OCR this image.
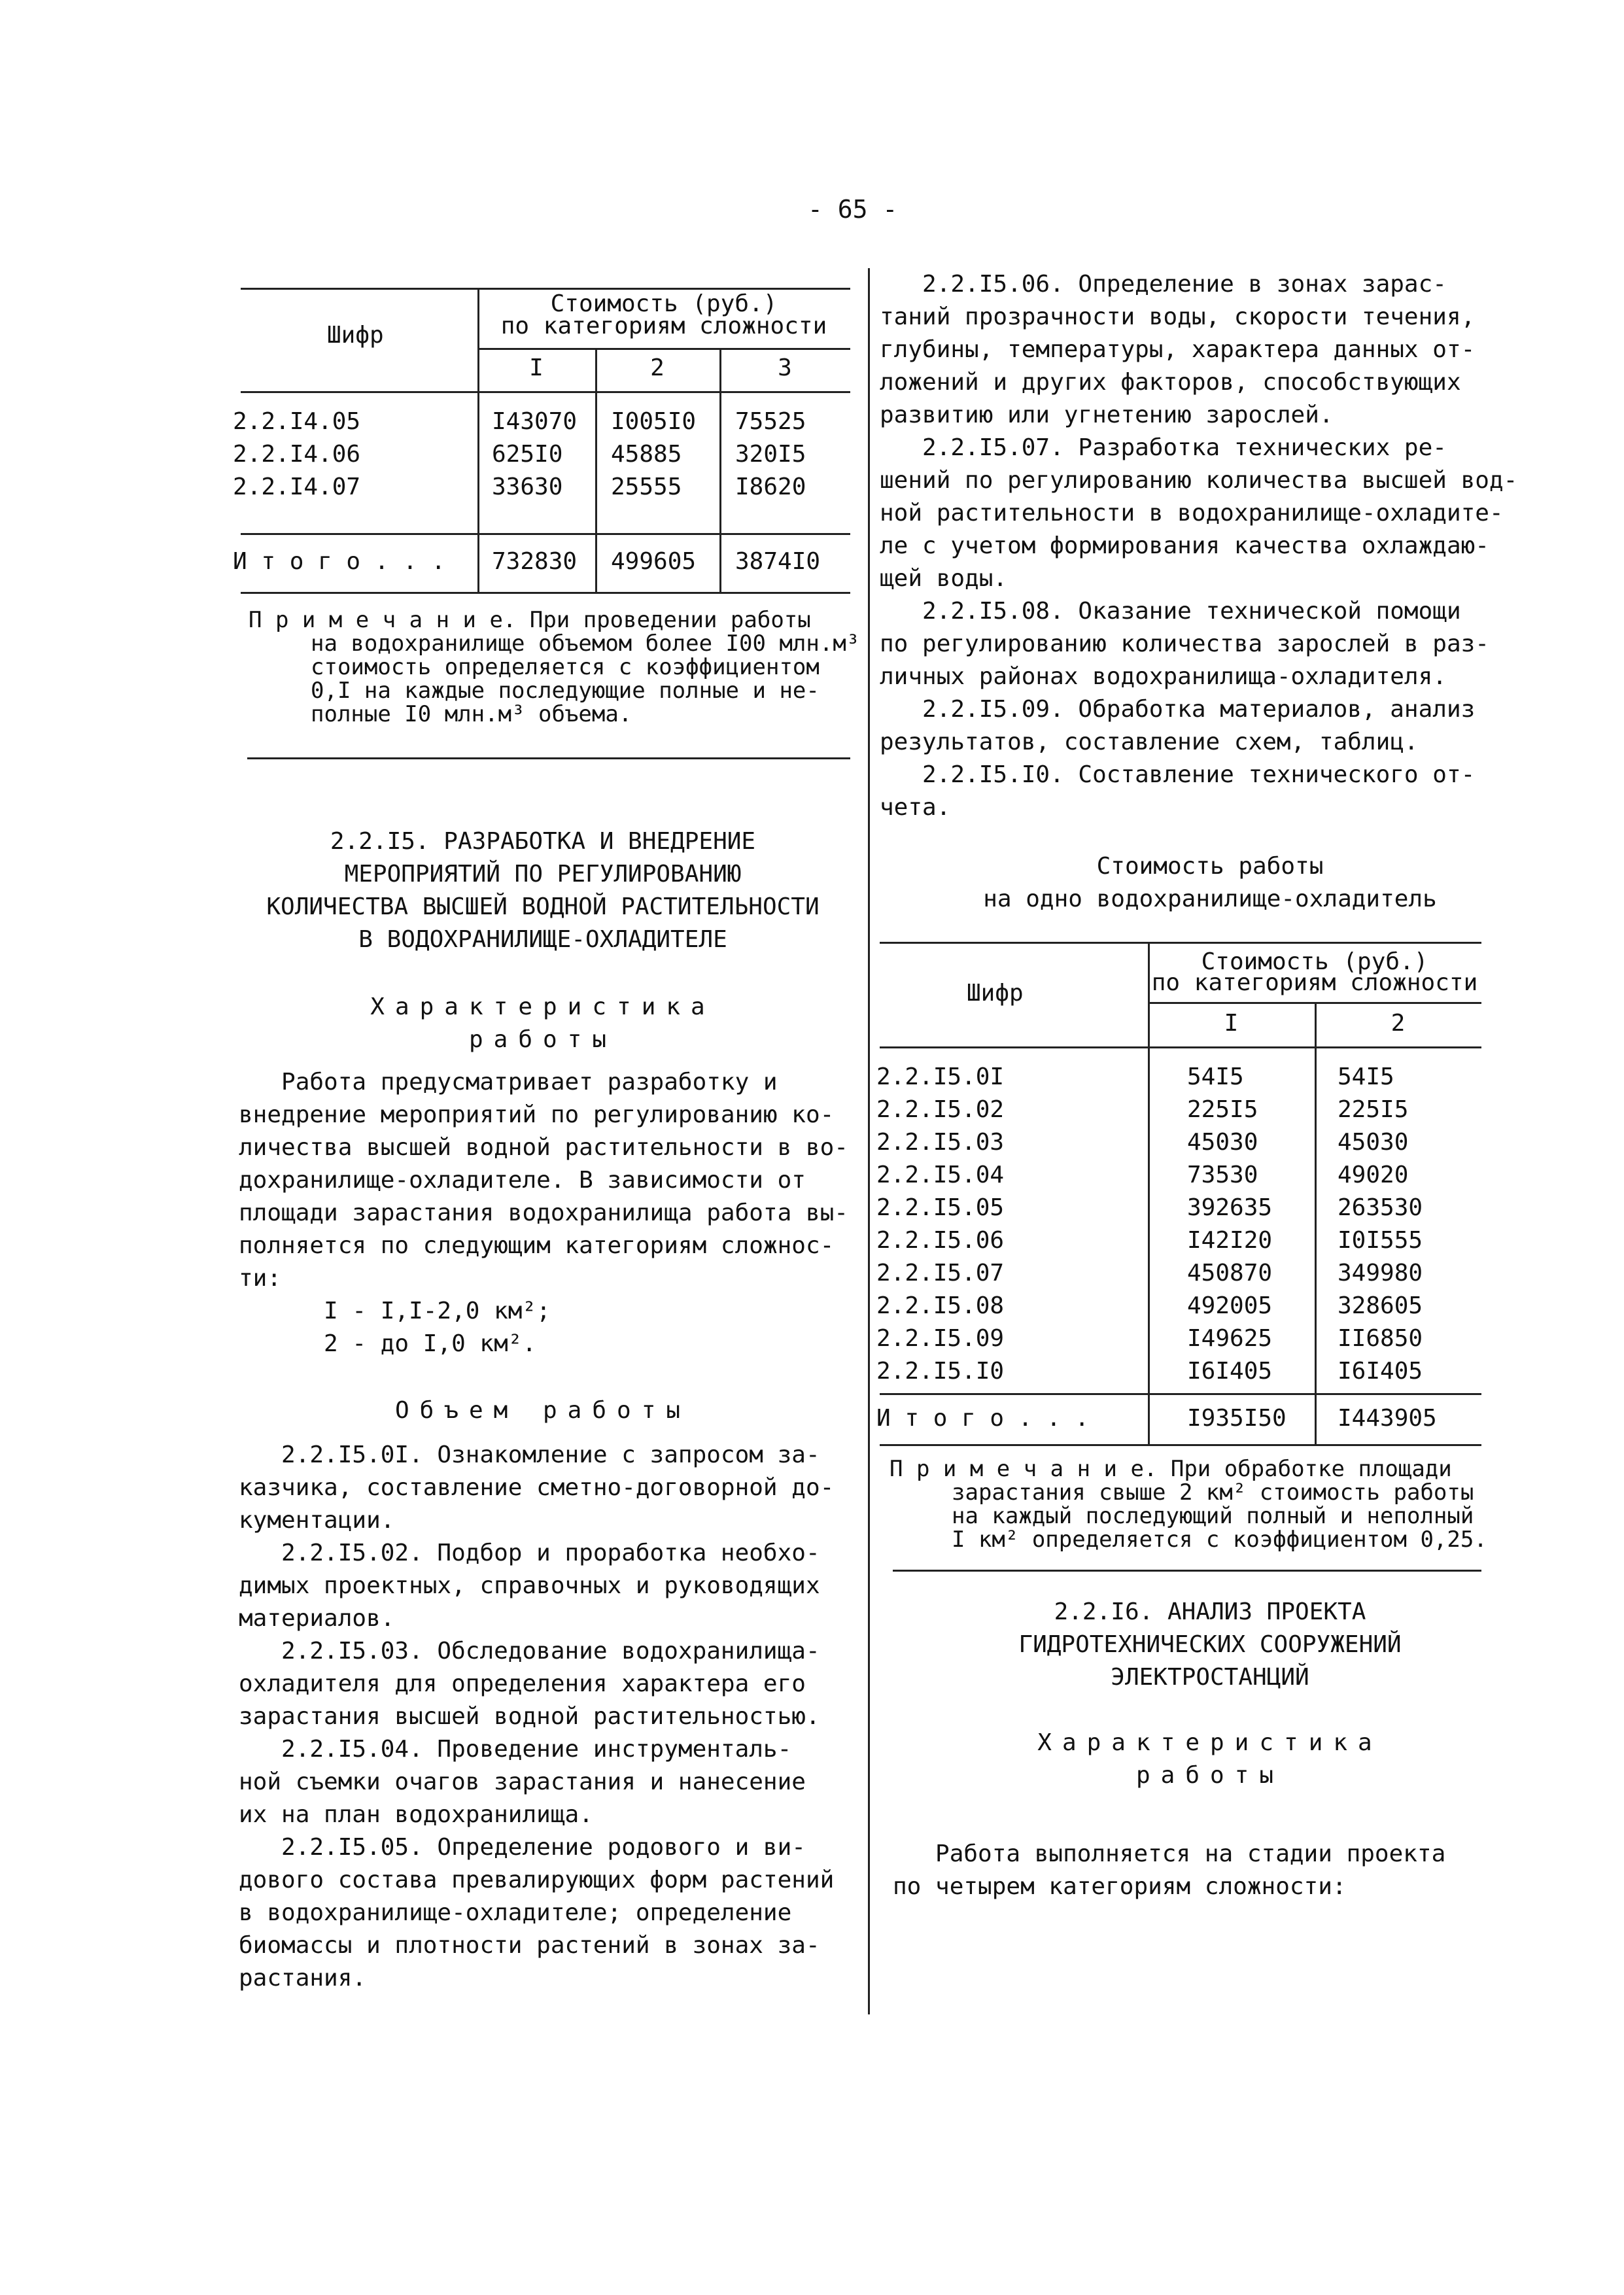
- 65 -
Шифр
Стоимость (руб.)
по категориям сложности
I	2	3
2.2.I4.05	I43070 I005I0 75525
2.2.I4.06	625I0 45885 320I5
2.2.I4.07	33630 25555 I8620
И т о г о . . . 732830 499605 3874I0
П р и м е ч а н и е. При проведении работы
на водохранилище объемом более I00 млн.м³
стоимость определяется с коэффициентом
0,I на каждые последующие полные и не-
полные I0 млн.м³ объема.
2.2.I5. РАЗРАБОТКА И ВНЕДРЕНИЕ
МЕРОПРИЯТИЙ ПО РЕГУЛИРОВАНИЮ
КОЛИЧЕСТВА ВЫСШЕЙ ВОДНОЙ РАСТИТЕЛЬНОСТИ
В ВОДОХРАНИЛИЩЕ-ОХЛАДИТЕЛЕ
Характеристика
работы
Работа предусматривает разработку и
внедрение мероприятий по регулированию ко-
личества высшей водной растительности в во-
дохранилище-охладителе. В зависимости от
площади зарастания водохранилища работа вы-
полняется по следующим категориям сложнос-
ти:
I - I,I-2,0 км²;
2 - до I,0 км².
Объем работы
2.2.I5.0I. Ознакомление с запросом за-
казчика, составление сметно-договорной до-
кументации.
2.2.I5.02. Подбор и проработка необхо-
димых проектных, справочных и руководящих
материалов.
2.2.I5.03. Обследование водохранилища-
охладителя для определения характера его
зарастания высшей водной растительностью.
2.2.I5.04. Проведение инструменталь-
ной съемки очагов зарастания и нанесение
их на план водохранилища.
2.2.I5.05. Определение родового и ви-
дового состава превалирующих форм растений
в водохранилище-охладителе; определение
биомассы и плотности растений в зонах за-
растания.
2.2.I5.06. Определение в зонах зарас-
таний прозрачности воды, скорости течения,
глубины, температуры, характера данных от-
ложений и других факторов, способствующих
развитию или угнетению зарослей.
2.2.I5.07. Разработка технических ре-
шений по регулированию количества высшей вод-
ной растительности в водохранилище-охладите-
ле с учетом формирования качества охлаждаю-
щей воды.
2.2.I5.08. Оказание технической помощи
по регулированию количества зарослей в раз-
личных районах водохранилища-охладителя.
2.2.I5.09. Обработка материалов, анализ
результатов, составление схем, таблиц.
2.2.I5.I0. Составление технического от-
чета.
Стоимость работы
на одно водохранилище-охладитель
Шифр
Стоимость (руб.)
по категориям сложности
I	2
2.2.I5.0I	54I5	54I5
2.2.I5.02	225I5	225I5
2.2.I5.03	45030	45030
2.2.I5.04	73530	49020
2.2.I5.05	392635	263530
2.2.I5.06	I42I20	I0I555
2.2.I5.07	450870	349980
2.2.I5.08	492005	328605
2.2.I5.09	I49625	II6850
2.2.I5.I0	I6I405	I6I405
И т о г о . . .	I935I50 I443905
П р и м е ч а н и е. При обработке площади
зарастания свыше 2 км² стоимость работы
на каждый последующий полный и неполный
I км² определяется с коэффициентом 0,25.
2.2.I6. АНАЛИЗ ПРОЕКТА
ГИДРОТЕХНИЧЕСКИХ СООРУЖЕНИЙ
ЭЛЕКТРОСТАНЦИЙ
Характеристика
работы
Работа выполняется на стадии проекта
по четырем категориям сложности:
